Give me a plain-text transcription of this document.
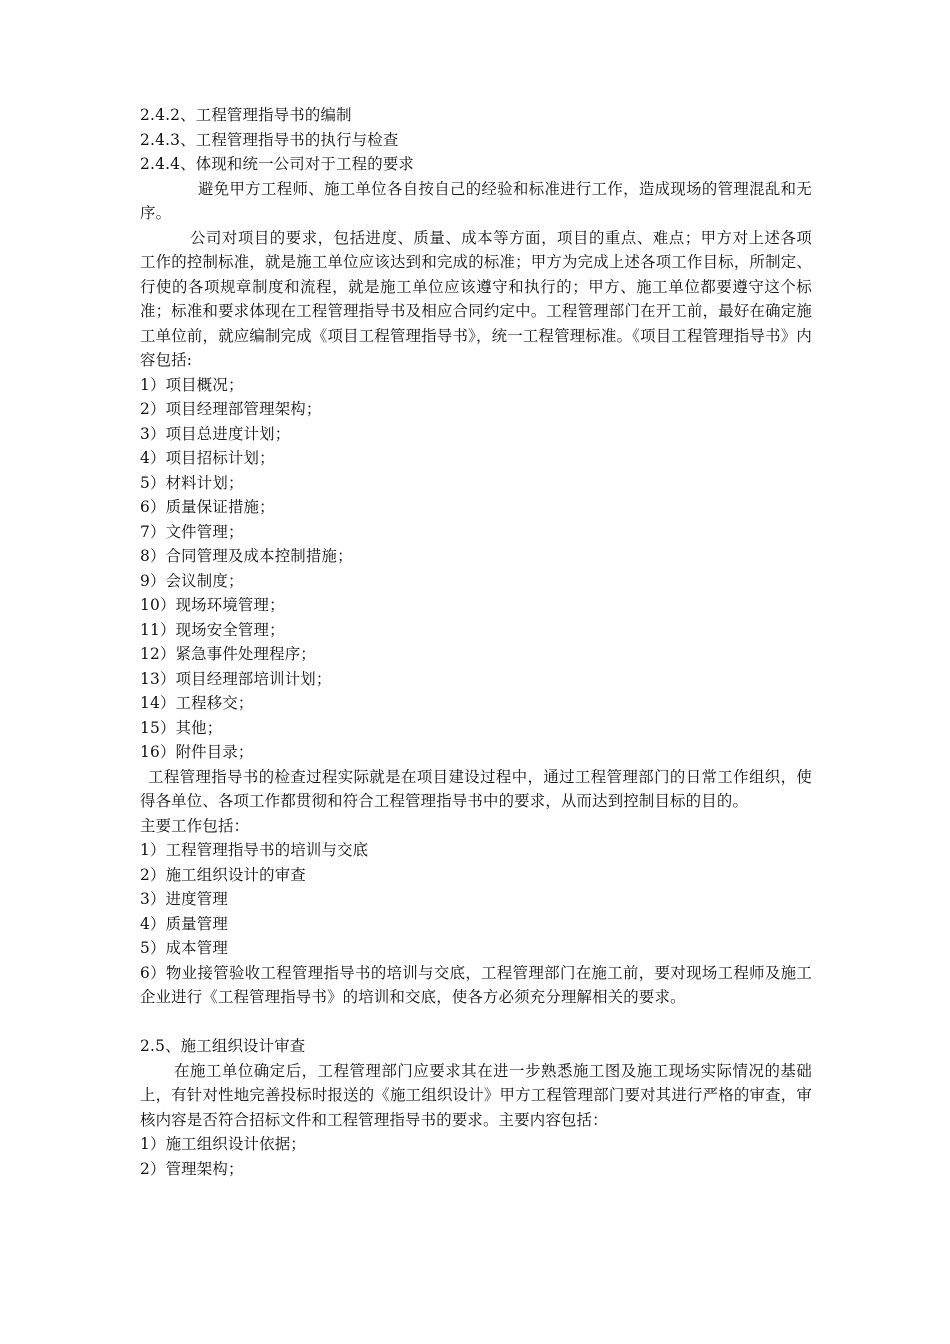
2.4.2、工程管理指导书的编制
2.4.3、工程管理指导书的执行与检查
2.4.4、体现和统一公司对于工程的要求
避免甲方工程师、施工单位各自按自己的经验和标准进行工作，造成现场的管理混乱和无序。
公司对项目的要求，包括进度、质量、成本等方面，项目的重点、难点；甲方对上述各项工作的控制标准，就是施工单位应该达到和完成的标准；甲方为完成上述各项工作目标，所制定、行使的各项规章制度和流程，就是施工单位应该遵守和执行的；甲方、施工单位都要遵守这个标准；标准和要求体现在工程管理指导书及相应合同约定中。工程管理部门在开工前，最好在确定施工单位前，就应编制完成《项目工程管理指导书》，统一工程管理标准。《项目工程管理指导书》内容包括:
1）项目概况；
2）项目经理部管理架构；
3）项目总进度计划；
4）项目招标计划；
5）材料计划；
6）质量保证措施；
7）文件管理；
8）合同管理及成本控制措施；
9）会议制度；
10）现场环境管理；
11）现场安全管理；
12）紧急事件处理程序；
13）项目经理部培训计划；
14）工程移交；
15）其他；
16）附件目录；
工程管理指导书的检查过程实际就是在项目建设过程中，通过工程管理部门的日常工作组织，使得各单位、各项工作都贯彻和符合工程管理指导书中的要求，从而达到控制目标的目的。
主要工作包括：
1）工程管理指导书的培训与交底
2）施工组织设计的审查
3）进度管理
4）质量管理
5）成本管理
6）物业接管验收工程管理指导书的培训与交底，工程管理部门在施工前，要对现场工程师及施工企业进行《工程管理指导书》的培训和交底，使各方必须充分理解相关的要求。
2.5、施工组织设计审查
在施工单位确定后，工程管理部门应要求其在进一步熟悉施工图及施工现场实际情况的基础上，有针对性地完善投标时报送的《施工组织设计》甲方工程管理部门要对其进行严格的审查，审核内容是否符合招标文件和工程管理指导书的要求。主要内容包括：
1）施工组织设计依据；
2）管理架构；
